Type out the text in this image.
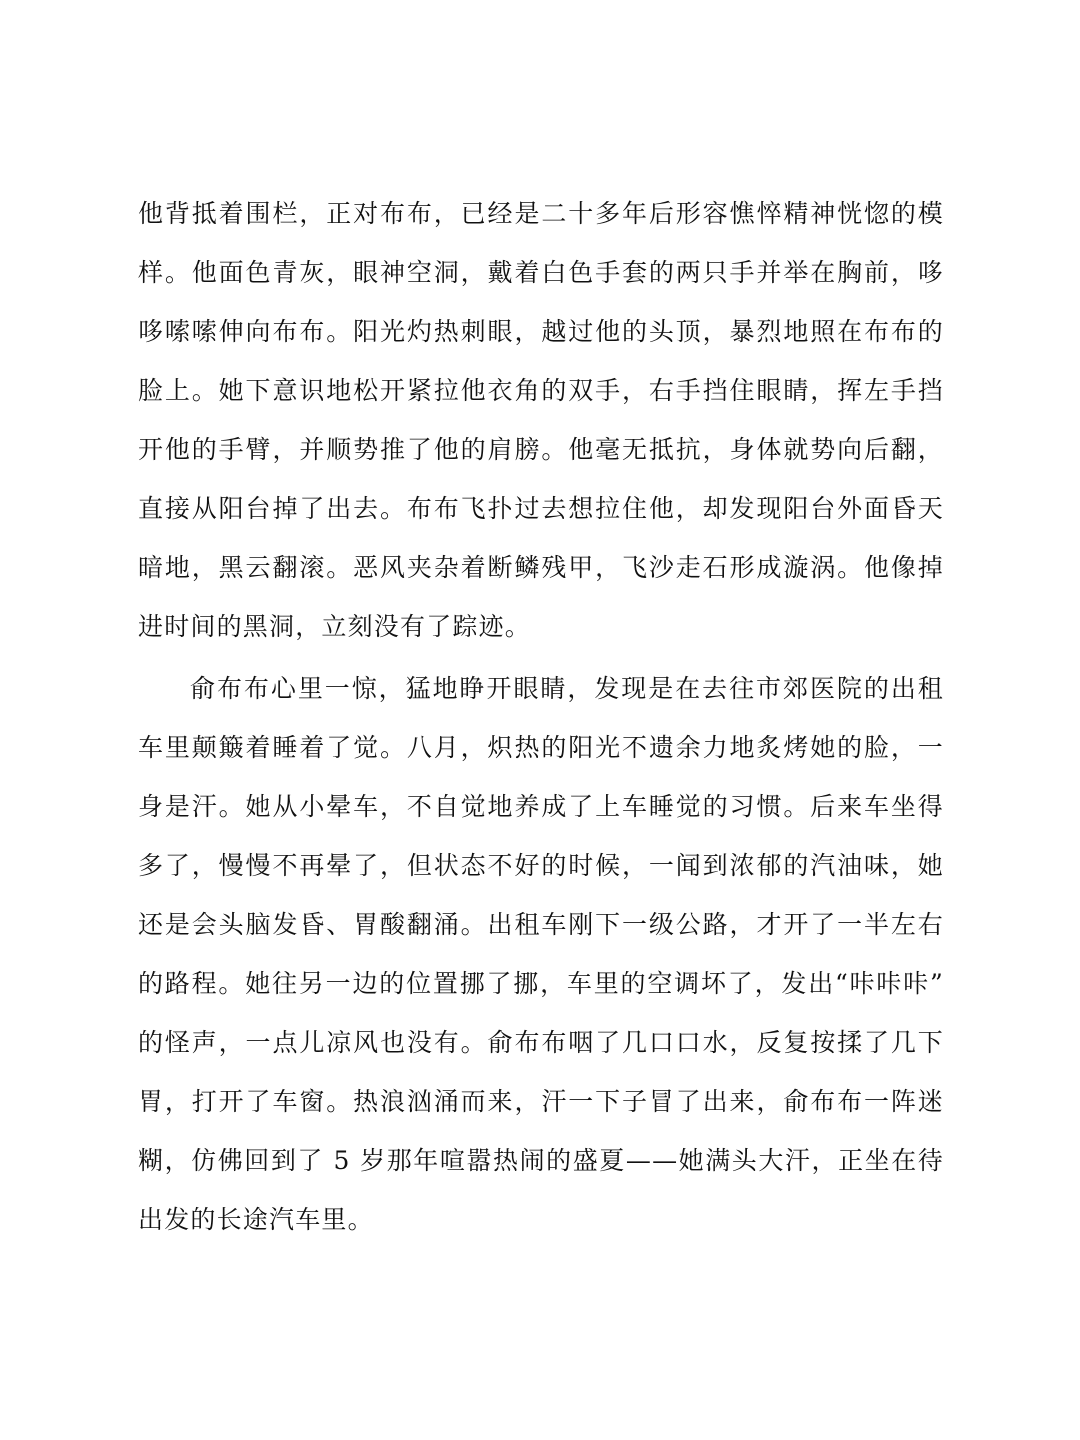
他背抵着围栏，正对布布，已经是二十多年后形容憔悴精神恍惚的模
样。他面色青灰，眼神空洞，戴着白色手套的两只手并举在胸前，哆
哆嗦嗦伸向布布。阳光灼热刺眼，越过他的头顶，暴烈地照在布布的
脸上。她下意识地松开紧拉他衣角的双手，右手挡住眼睛，挥左手挡
开他的手臂，并顺势推了他的肩膀。他毫无抵抗，身体就势向后翻，
直接从阳台掉了出去。布布飞扑过去想拉住他，却发现阳台外面昏天
暗地，黑云翻滚。恶风夹杂着断鳞残甲，飞沙走石形成漩涡。他像掉
进时间的黑洞，立刻没有了踪迹。
俞布布心里一惊，猛地睁开眼睛，发现是在去往市郊医院的出租
车里颠簸着睡着了觉。八月，炽热的阳光不遗余力地炙烤她的脸，一
身是汗。她从小晕车，不自觉地养成了上车睡觉的习惯。后来车坐得
多了，慢慢不再晕了，但状态不好的时候，一闻到浓郁的汽油味，她
还是会头脑发昏、胃酸翻涌。出租车刚下一级公路，才开了一半左右
的路程。她往另一边的位置挪了挪，车里的空调坏了，发出“咔咔咔”
的怪声，一点儿凉风也没有。俞布布咽了几口口水，反复按揉了几下
胃，打开了车窗。热浪汹涌而来，汗一下子冒了出来，俞布布一阵迷
糊，仿佛回到了 5 岁那年喧嚣热闹的盛夏——她满头大汗，正坐在待
出发的长途汽车里。
